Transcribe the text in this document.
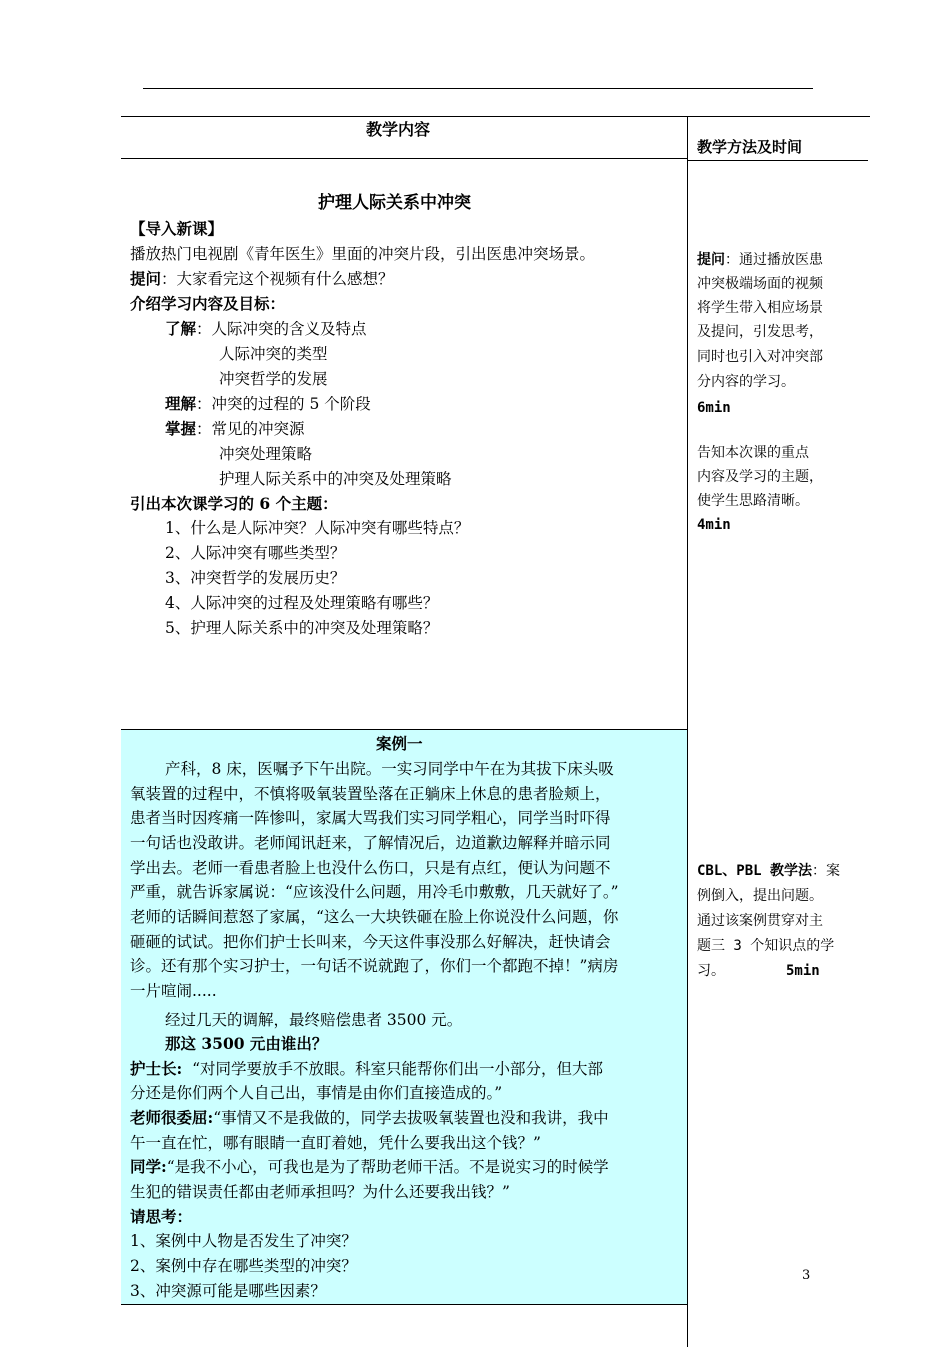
教学内容
教学方法及时间
护理人际关系中冲突
【导入新课】
播放热门电视剧《青年医生》里面的冲突片段，引出医患冲突场景。
提问：大家看完这个视频有什么感想？
介绍学习内容及目标：
了解：人际冲突的含义及特点
人际冲突的类型
冲突哲学的发展
理解：冲突的过程的 5 个阶段
掌握：常见的冲突源
冲突处理策略
护理人际关系中的冲突及处理策略
引出本次课学习的 6 个主题：
1、什么是人际冲突？人际冲突有哪些特点？
2、人际冲突有哪些类型？
3、冲突哲学的发展历史？
4、人际冲突的过程及处理策略有哪些？
5、护理人际关系中的冲突及处理策略？
案例一
产科，8 床，医嘱予下午出院。一实习同学中午在为其拔下床头吸
氧装置的过程中，不慎将吸氧装置坠落在正躺床上休息的患者脸颊上，
患者当时因疼痛一阵惨叫，家属大骂我们实习同学粗心，同学当时吓得
一句话也没敢讲。老师闻讯赶来，了解情况后，边道歉边解释并暗示同
学出去。老师一看患者脸上也没什么伤口，只是有点红，便认为问题不
严重，就告诉家属说：“应该没什么问题，用冷毛巾敷敷，几天就好了。”
老师的话瞬间惹怒了家属，“这么一大块铁砸在脸上你说没什么问题，你
砸砸的试试。把你们护士长叫来，今天这件事没那么好解决，赶快请会
诊。还有那个实习护士，一句话不说就跑了，你们一个都跑不掉！”病房
一片喧闹.....
经过几天的调解，最终赔偿患者 3500 元。
那这 3500 元由谁出？
护士长: “对同学要放手不放眼。科室只能帮你们出一小部分，但大部
分还是你们两个人自己出，事情是由你们直接造成的。”
老师很委屈:“事情又不是我做的，同学去拔吸氧装置也没和我讲，我中
午一直在忙，哪有眼睛一直盯着她，凭什么要我出这个钱？”
同学:“是我不小心，可我也是为了帮助老师干活。不是说实习的时候学
生犯的错误责任都由老师承担吗？为什么还要我出钱？”
请思考：
1、案例中人物是否发生了冲突？
2、案例中存在哪些类型的冲突？
3、冲突源可能是哪些因素？
提问：通过播放医患
冲突极端场面的视频
将学生带入相应场景
及提问，引发思考，
同时也引入对冲突部
分内容的学习。
6min
告知本次课的重点
内容及学习的主题，
使学生思路清晰。
4min
CBL、PBL 教学法：案
例倒入，提出问题。
通过该案例贯穿对主
题三 3 个知识点的学
习。	5min
3
